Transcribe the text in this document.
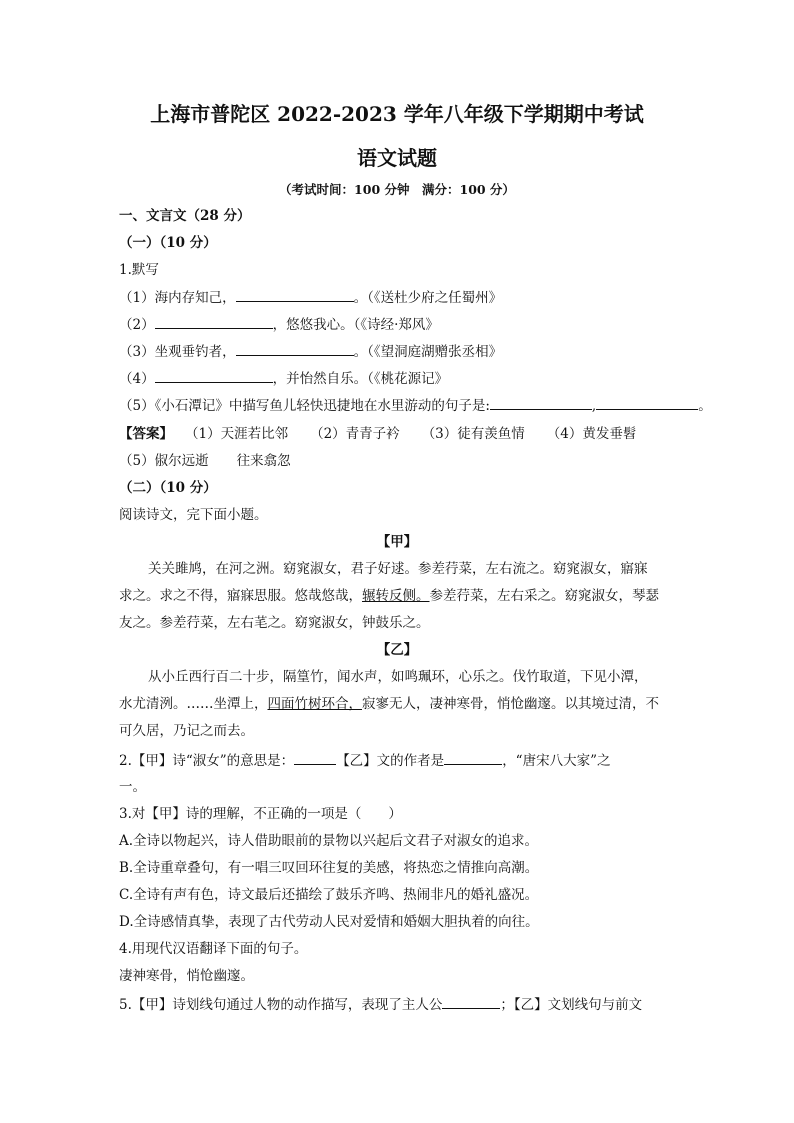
上海市普陀区 2022-2023 学年八年级下学期期中考试
语文试题
（考试时间：100 分钟　满分：100 分）
一、文言文（28 分）
（一）（10 分）
1.默写
（1）海内存知己，	。（《送杜少府之任蜀州》
（2）	，悠悠我心。（《诗经·郑风》
（3）坐观垂钓者，	。（《望洞庭湖赠张丞相》
（4）	，并怡然自乐。（《桃花源记》
（5）《小石潭记》中描写鱼儿轻快迅捷地在水里游动的句子是:	,	。
【答案】 （1）天涯若比邻 （2）青青子衿 （3）徒有羡鱼情 （4）黄发垂髫
（5）俶尔远逝 往来翕忽
（二）（10 分）
阅读诗文，完下面小题。
【甲】
关关雎鸠，在河之洲。窈窕淑女，君子好逑。参差荇菜，左右流之。窈窕淑女，寤寐
求之。求之不得，寤寐思服。悠哉悠哉，辗转反侧。参差荇菜，左右采之。窈窕淑女，琴瑟
友之。参差荇菜，左右芼之。窈窕淑女，钟鼓乐之。
【乙】
从小丘西行百二十步，隔篁竹，闻水声，如鸣珮环，心乐之。伐竹取道，下见小潭，
水尤清洌。……坐潭上，四面竹树环合，寂寥无人，凄神寒骨，悄怆幽邃。以其境过清，不
可久居，乃记之而去。
2.【甲】诗“淑女”的意思是：	【乙】文的作者是	，“唐宋八大家”之
一。
3.对【甲】诗的理解，不正确的一项是（　　）
A.全诗以物起兴，诗人借助眼前的景物以兴起后文君子对淑女的追求。
B.全诗重章叠句，有一唱三叹回环往复的美感，将热恋之情推向高潮。
C.全诗有声有色，诗文最后还描绘了鼓乐齐鸣、热闹非凡的婚礼盛况。
D.全诗感情真挚，表现了古代劳动人民对爱情和婚姻大胆执着的向往。
4.用现代汉语翻译下面的句子。
凄神寒骨，悄怆幽邃。
5.【甲】诗划线句通过人物的动作描写，表现了主人公	；【乙】文划线句与前文
